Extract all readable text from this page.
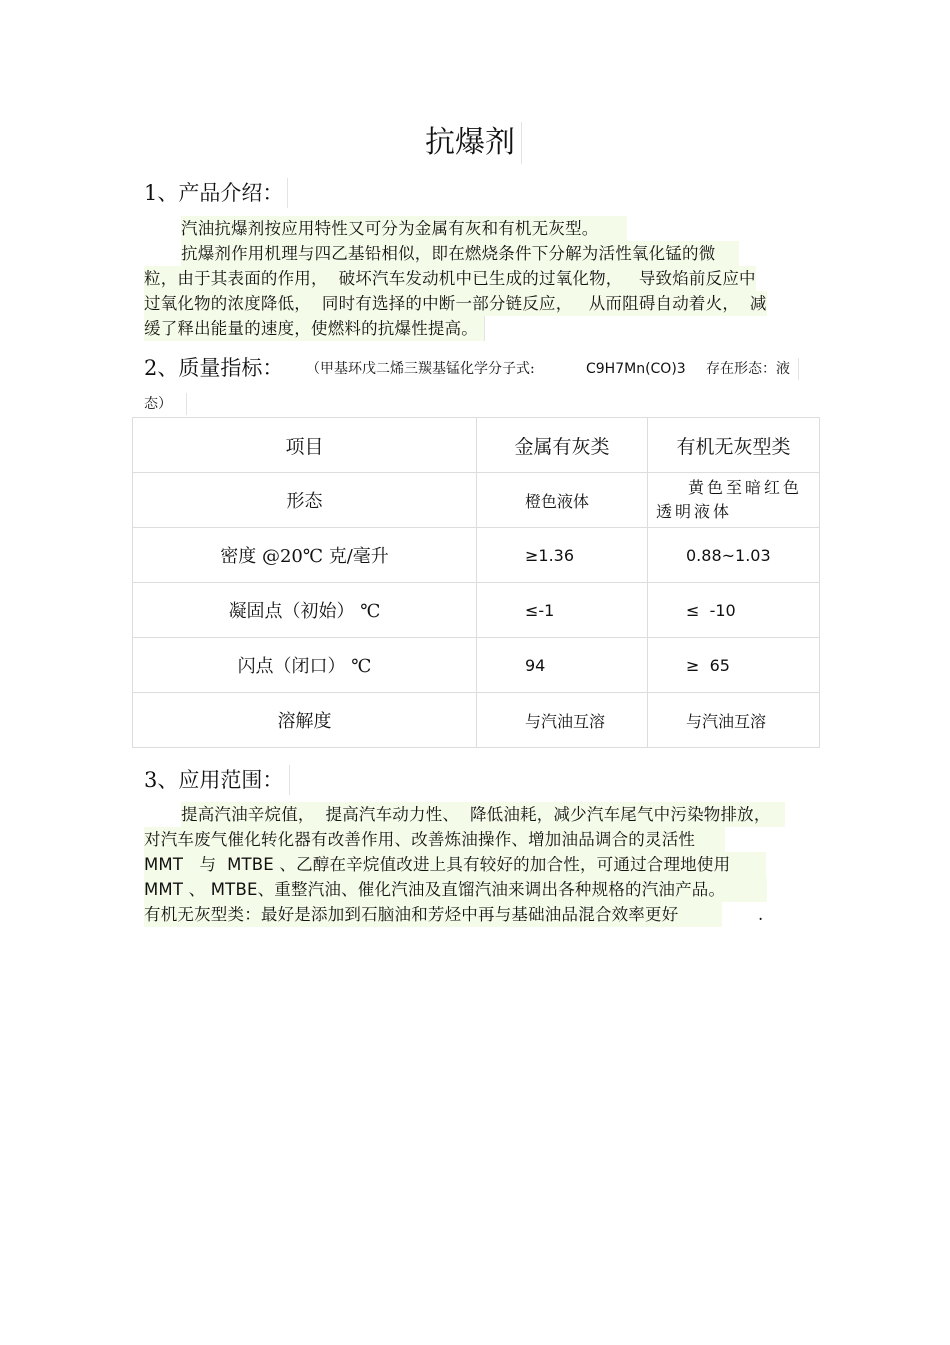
抗爆剂
1、产品介绍：
汽油抗爆剂按应用特性又可分为金属有灰和有机无灰型。
抗爆剂作用机理与四乙基铅相似，即在燃烧条件下分解为活性氧化锰的微
粒，由于其表面的作用，  破坏汽车发动机中已生成的过氧化物，   导致焰前反应中
过氧化物的浓度降低，  同时有选择的中断一部分链反应，   从而阻碍自动着火，  减
缓了释出能量的速度，使燃料的抗爆性提高。
2、质量指标： （甲基环戊二烯三羰基锰化学分子式:	C9H7Mn(CO)3 存在形态：液
态）
项目	金属有灰类	有机无灰型类
形态	橙色液体	黄色至暗红色透明液体

密度 @20℃ 克/毫升	≥1.36	0.88~1.03
凝固点（初始） ℃	≤-1	≤  -10
闪点（闭口） ℃	94	≥  65
溶解度	与汽油互溶	与汽油互溶
3、应用范围：
提高汽油辛烷值，  提高汽车动力性、  降低油耗，减少汽车尾气中污染物排放，
对汽车废气催化转化器有改善作用、改善炼油操作、增加油品调合的灵活性
MMT   与  MTBE 、乙醇在辛烷值改进上具有较好的加合性，可通过合理地使用
MMT 、 MTBE、重整汽油、催化汽油及直馏汽油来调出各种规格的汽油产品。
有机无灰型类：最好是添加到石脑油和芳烃中再与基础油品混合效率更好	.
